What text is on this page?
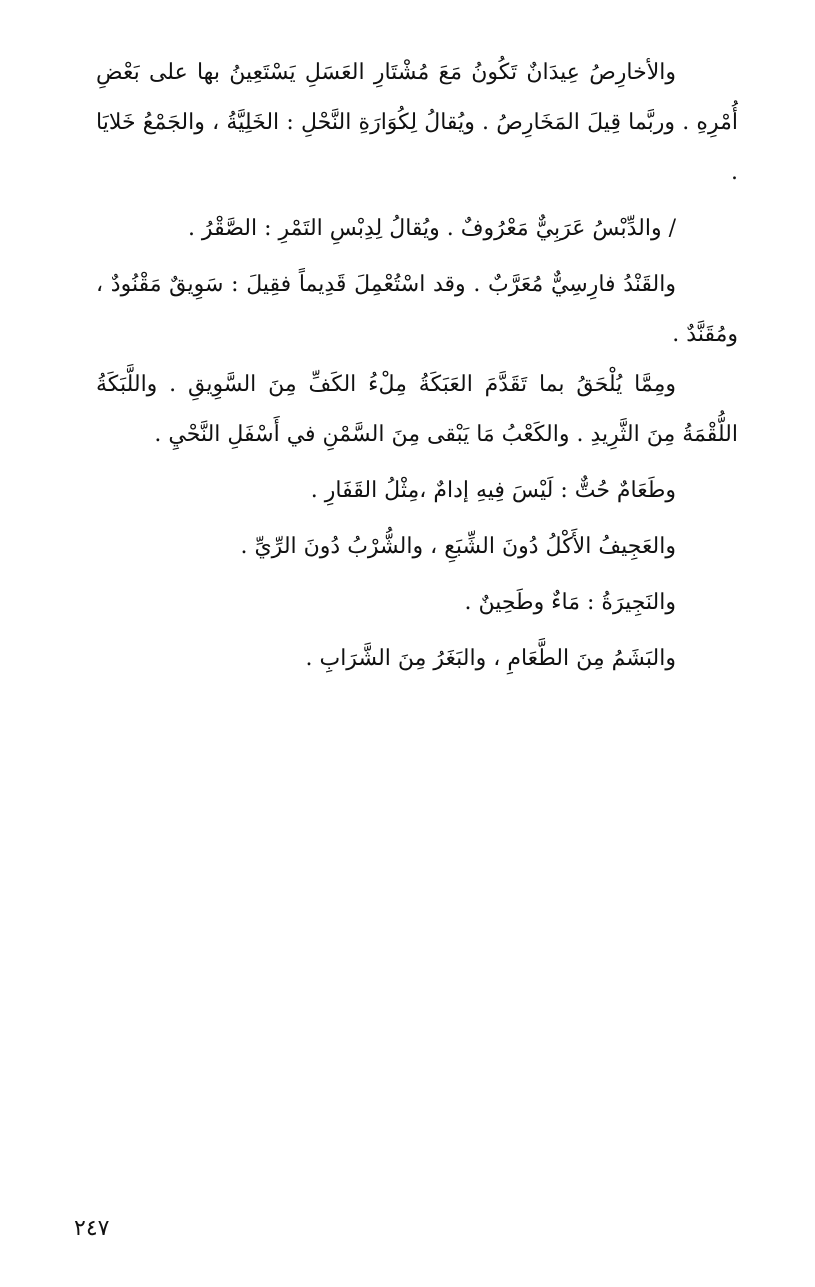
والأخارِصُ عِيدَانٌ تَكُونُ مَعَ مُشْتَارِ العَسَلِ يَسْتَعِينُ بها على بَعْضِ أُمْرِهِ . وربَّما قِيلَ المَخَارِصُ . ويُقالُ لِكُوَارَةِ النَّحْلِ : الخَلِيَّةُ ، والجَمْعُ خَلايَا .

/ والدِّبْسُ عَرَبِيٌّ مَعْرُوفٌ . ويُقالُ لِدِبْسِ التَمْرِ : الصَّقْرُ .

والقَنْدُ فارِسِيٌّ مُعَرَّبٌ . وقد اسْتُعْمِلَ قَدِيماً فقِيلَ : سَوِيقٌ مَقْنُودٌ ، ومُقَنَّدٌ .

ومِمَّا يُلْحَقُ بما تَقَدَّمَ العَبَكَةُ مِلْءُ الكَفِّ مِنَ السَّوِيقِ . واللَّبَكَةُ اللُّقْمَةُ مِنَ الثَّرِيدِ . والكَعْبُ مَا يَبْقى مِنَ السَّمْنِ في أَسْفَلِ النَّحْيِ .

وطَعَامٌ حُتٌّ : لَيْسَ فِيهِ إدامٌ ،مِثْلُ القَفَارِ .

والعَجِيفُ الأَكْلُ دُونَ الشِّبَعِ ، والشُّرْبُ دُونَ الرِّيِّ .

والنَجِيرَةُ : مَاءٌ وطَحِينٌ .

والبَشَمُ مِنَ الطَّعَامِ ، والبَغَرُ مِنَ الشَّرَابِ .

٢٤٧
